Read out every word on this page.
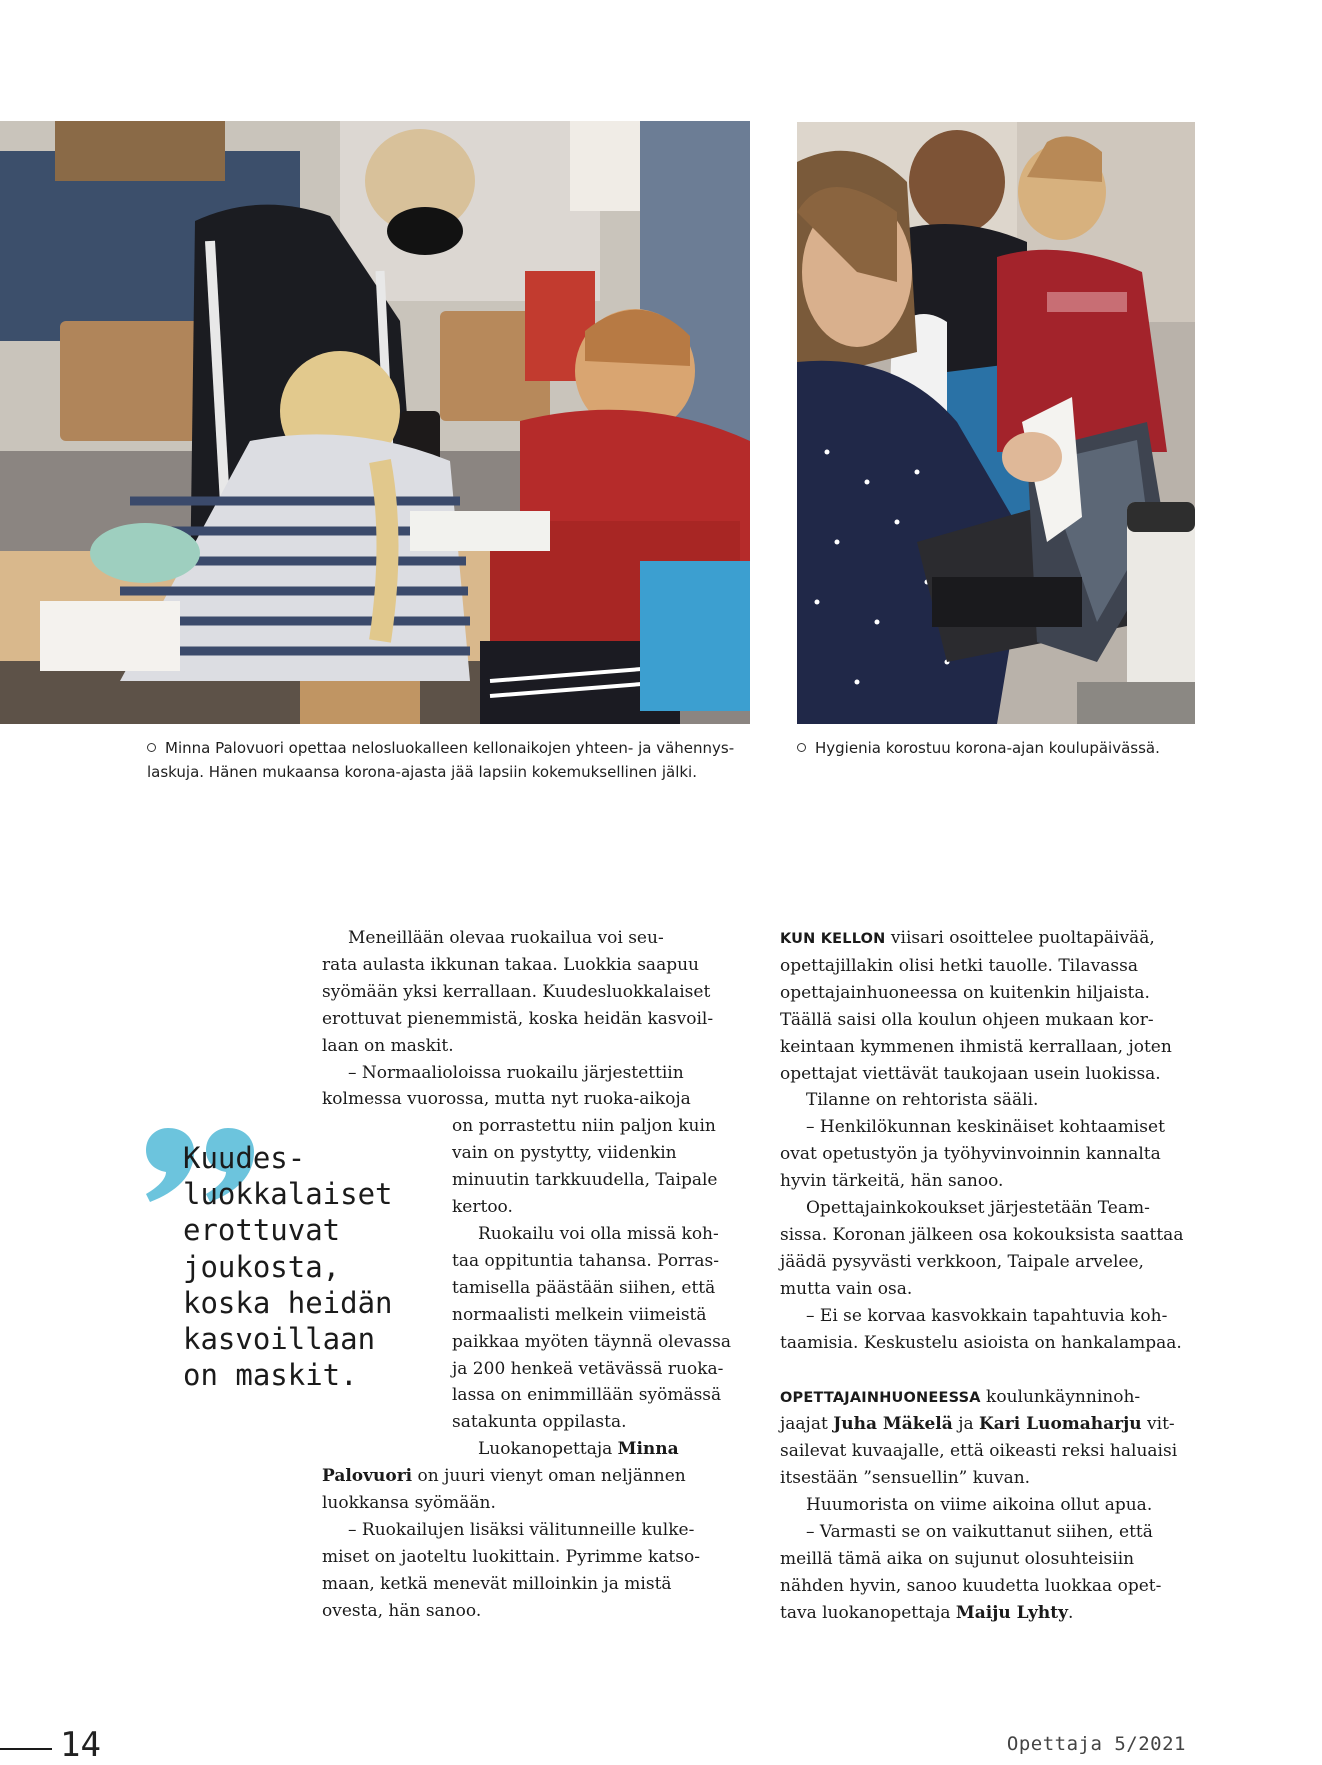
Minna Palovuori opettaa nelosluokalleen kellonaikojen yhteen- ja vähennys-
laskuja. Hänen mukaansa korona-ajasta jää lapsiin kokemuksellinen jälki.
Hygienia korostuu korona-ajan koulupäivässä.
Kuudes-
luokkalaiset
erottuvat
joukosta,
koska heidän
kasvoillaan
on maskit.

Meneillään olevaa ruokailua voi seu-

rata aulasta ikkunan takaa. Luokkia saapuu

syömään yksi kerrallaan. Kuudesluokkalaiset

erottuvat pienemmistä, koska heidän kasvoil-

laan on maskit.

– Normaalioloissa ruokailu järjestettiin

kolmessa vuorossa, mutta nyt ruoka-aikoja

on porrastettu niin paljon kuin

vain on pystytty, viidenkin

minuutin tarkkuudella, Taipale

kertoo.

Ruokailu voi olla missä koh-

taa oppituntia tahansa. Porras-

tamisella päästään siihen, että

normaalisti melkein viimeistä

paikkaa myöten täynnä olevassa

ja 200 henkeä vetävässä ruoka-

lassa on enimmillään syömässä

satakunta oppilasta.

Luokanopettaja Minna

Palovuori on juuri vienyt oman neljännen

luokkansa syömään.

– Ruokailujen lisäksi välitunneille kulke-

miset on jaoteltu luokittain. Pyrimme katso-

maan, ketkä menevät milloinkin ja mistä

ovesta, hän sanoo.

KUN KELLON viisari osoittelee puoltapäivää,

opettajillakin olisi hetki tauolle. Tilavassa

opettajainhuoneessa on kuitenkin hiljaista.

Täällä saisi olla koulun ohjeen mukaan kor-

keintaan kymmenen ihmistä kerrallaan, joten

opettajat viettävät taukojaan usein luokissa.

Tilanne on rehtorista sääli.

– Henkilökunnan keskinäiset kohtaamiset

ovat opetustyön ja työhyvinvoinnin kannalta

hyvin tärkeitä, hän sanoo.

Opettajainkokoukset järjestetään Team-

sissa. Koronan jälkeen osa kokouksista saattaa

jäädä pysyvästi verkkoon, Taipale arvelee,

mutta vain osa.

– Ei se korvaa kasvokkain tapahtuvia koh-

taamisia. Keskustelu asioista on hankalampaa.

OPETTAJAINHUONEESSA koulunkäynninoh-

jaajat Juha Mäkelä ja Kari Luomaharju vit-

sailevat kuvaajalle, että oikeasti reksi haluaisi

itsestään ”sensuellin” kuvan.

Huumorista on viime aikoina ollut apua.

– Varmasti se on vaikuttanut siihen, että

meillä tämä aika on sujunut olosuhteisiin

nähden hyvin, sanoo kuudetta luokkaa opet-

tava luokanopettaja Maiju Lyhty.

14	Opettaja 5/2021
